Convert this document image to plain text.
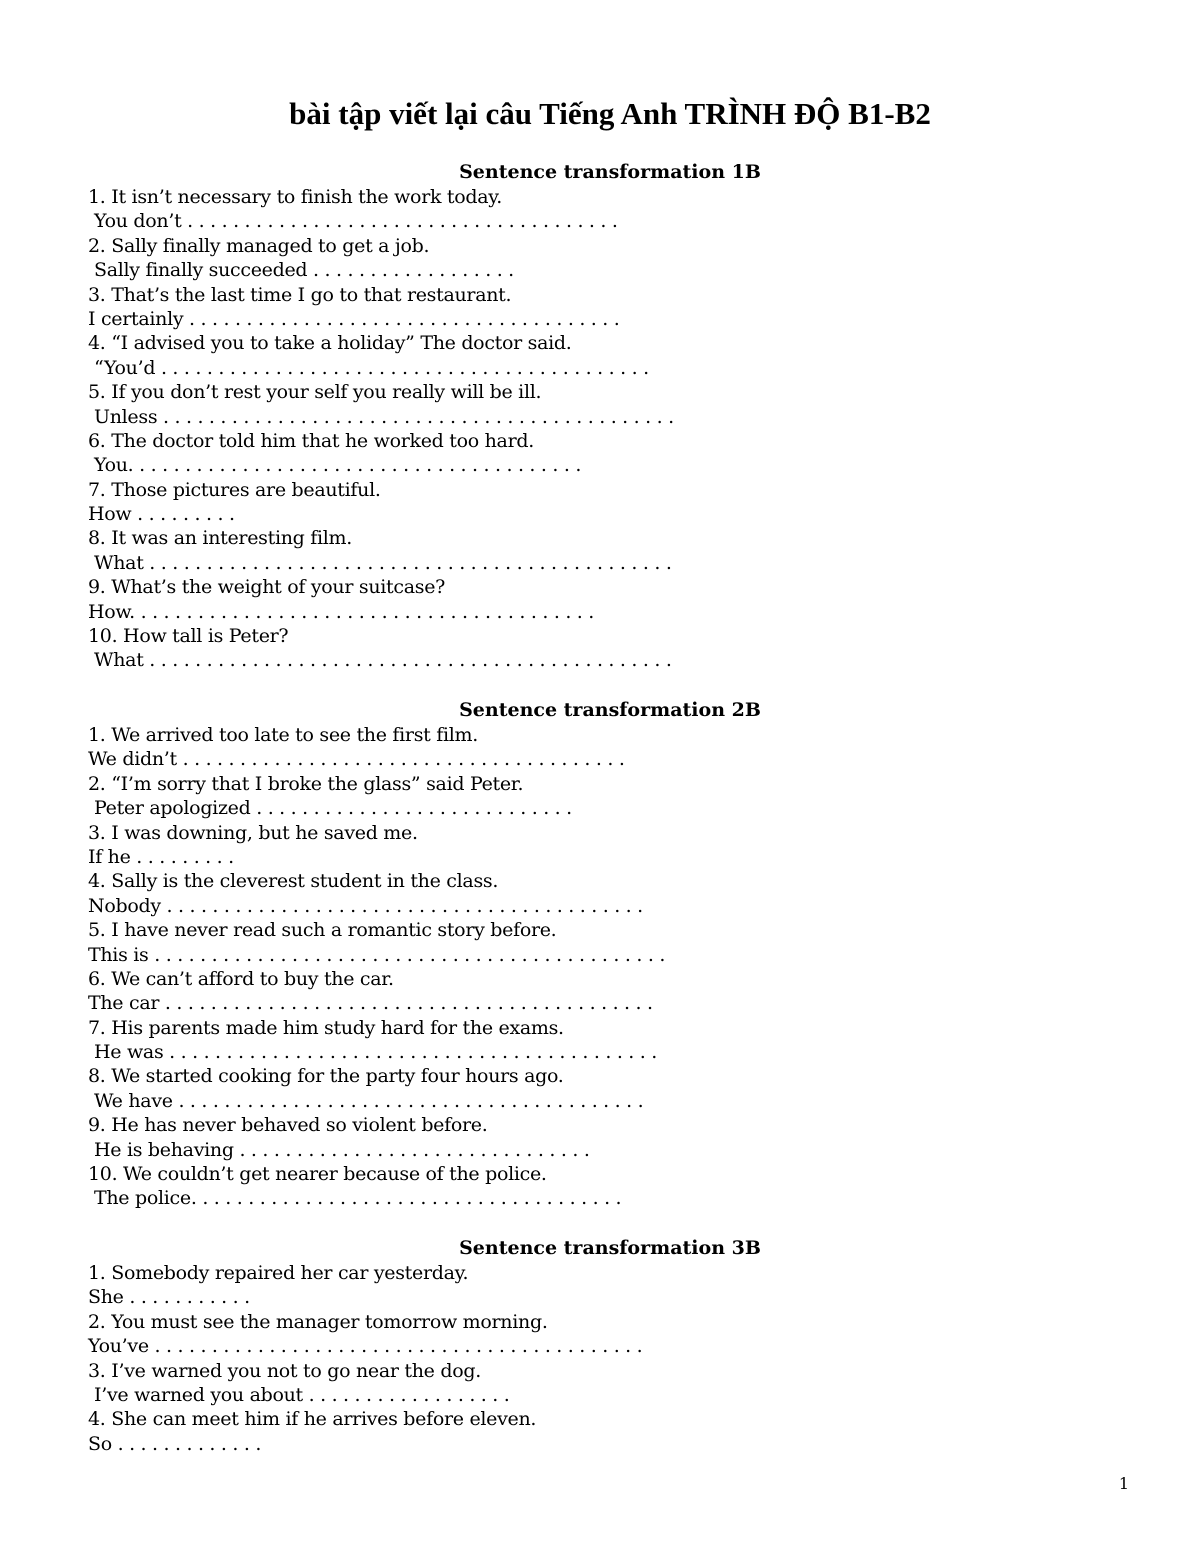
bài tập viết lại câu Tiếng Anh TRÌNH ĐỘ B1-B2
Sentence transformation 1B
1. It isn’t necessary to finish the work today.
You don’t . . . . . . . . . . . . . . . . . . . . . . . . . . . . . . . . . . . . . .
2. Sally finally managed to get a job.
Sally finally succeeded . . . . . . . . . . . . . . . . . .
3. That’s the last time I go to that restaurant.
I certainly . . . . . . . . . . . . . . . . . . . . . . . . . . . . . . . . . . . . . .
4. “I advised you to take a holiday” The doctor said.
“You’d . . . . . . . . . . . . . . . . . . . . . . . . . . . . . . . . . . . . . . . . . . .
5. If you don’t rest your self you really will be ill.
Unless . . . . . . . . . . . . . . . . . . . . . . . . . . . . . . . . . . . . . . . . . . . . .
6. The doctor told him that he worked too hard.
You. . . . . . . . . . . . . . . . . . . . . . . . . . . . . . . . . . . . . . . .
7. Those pictures are beautiful.
How . . . . . . . . .
8. It was an interesting film.
What . . . . . . . . . . . . . . . . . . . . . . . . . . . . . . . . . . . . . . . . . . . . . .
9. What’s the weight of your suitcase?
How. . . . . . . . . . . . . . . . . . . . . . . . . . . . . . . . . . . . . . . . .
10. How tall is Peter?
What . . . . . . . . . . . . . . . . . . . . . . . . . . . . . . . . . . . . . . . . . . . . . .
Sentence transformation 2B
1. We arrived too late to see the first film.
We didn’t . . . . . . . . . . . . . . . . . . . . . . . . . . . . . . . . . . . . . . .
2. “I’m sorry that I broke the glass” said Peter.
Peter apologized . . . . . . . . . . . . . . . . . . . . . . . . . . . .
3. I was downing, but he saved me.
If he . . . . . . . . .
4. Sally is the cleverest student in the class.
Nobody . . . . . . . . . . . . . . . . . . . . . . . . . . . . . . . . . . . . . . . . . .
5. I have never read such a romantic story before.
This is . . . . . . . . . . . . . . . . . . . . . . . . . . . . . . . . . . . . . . . . . . . . .
6. We can’t afford to buy the car.
The car . . . . . . . . . . . . . . . . . . . . . . . . . . . . . . . . . . . . . . . . . . .
7. His parents made him study hard for the exams.
He was . . . . . . . . . . . . . . . . . . . . . . . . . . . . . . . . . . . . . . . . . . .
8. We started cooking for the party four hours ago.
We have . . . . . . . . . . . . . . . . . . . . . . . . . . . . . . . . . . . . . . . . .
9. He has never behaved so violent before.
He is behaving . . . . . . . . . . . . . . . . . . . . . . . . . . . . . . .
10. We couldn’t get nearer because of the police.
The police. . . . . . . . . . . . . . . . . . . . . . . . . . . . . . . . . . . . . .
Sentence transformation 3B
1. Somebody repaired her car yesterday.
She . . . . . . . . . . .
2. You must see the manager tomorrow morning.
You’ve . . . . . . . . . . . . . . . . . . . . . . . . . . . . . . . . . . . . . . . . . . .
3. I’ve warned you not to go near the dog.
I’ve warned you about . . . . . . . . . . . . . . . . . .
4. She can meet him if he arrives before eleven.
So . . . . . . . . . . . . .
1
